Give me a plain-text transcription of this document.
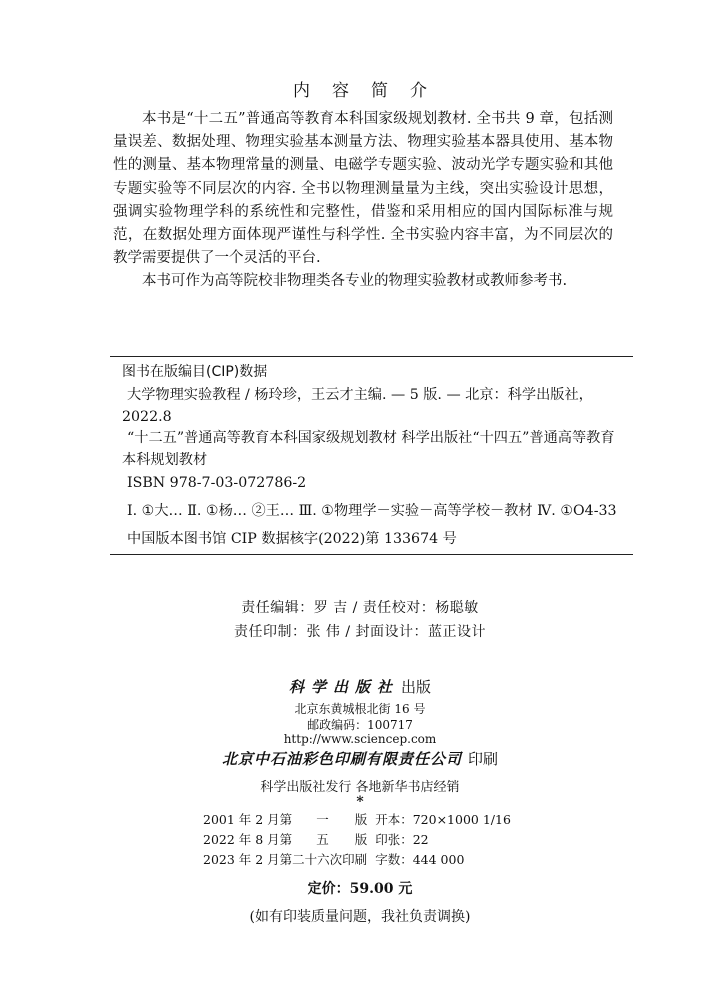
内容简介

本书是“十二五”普通高等教育本科国家级规划教材. 全书共 9 章，包括测量误差、数据处理、物理实验基本测量方法、物理实验基本器具使用、基本物性的测量、基本物理常量的测量、电磁学专题实验、波动光学专题实验和其他专题实验等不同层次的内容. 全书以物理测量量为主线，突出实验设计思想，强调实验物理学科的系统性和完整性，借鉴和采用相应的国内国际标准与规范，在数据处理方面体现严谨性与科学性. 全书实验内容丰富，为不同层次的教学需要提供了一个灵活的平台.

本书可作为高等院校非物理类各专业的物理实验教材或教师参考书.

图书在版编目(CIP)数据
大学物理实验教程 / 杨玲珍，王云才主编. — 5 版. — 北京：科学出版社，2022.8
“十二五”普通高等教育本科国家级规划教材 科学出版社“十四五”普通高等教育本科规划教材
ISBN 978-7-03-072786-2
Ⅰ. ①大… Ⅱ. ①杨… ②王… Ⅲ. ①物理学－实验－高等学校－教材 Ⅳ. ①O4-33
中国版本图书馆 CIP 数据核字(2022)第 133674 号
责任编辑：罗 吉 / 责任校对：杨聪敏
责任印制：张 伟 / 封面设计：蓝正设计
科学出版社 出版
北京东黄城根北街 16 号
邮政编码：100717
http://www.sciencep.com
北京中石油彩色印刷有限责任公司 印刷
科学出版社发行 各地新华书店经销
*
2001 年 2 月第	一	版	开本：720×1000 1/16
2022 年 8 月第	五	版	印张：22
2023 年 2 月第二十六次印刷			字数：444 000
定价：59.00 元
(如有印装质量问题，我社负责调换)
